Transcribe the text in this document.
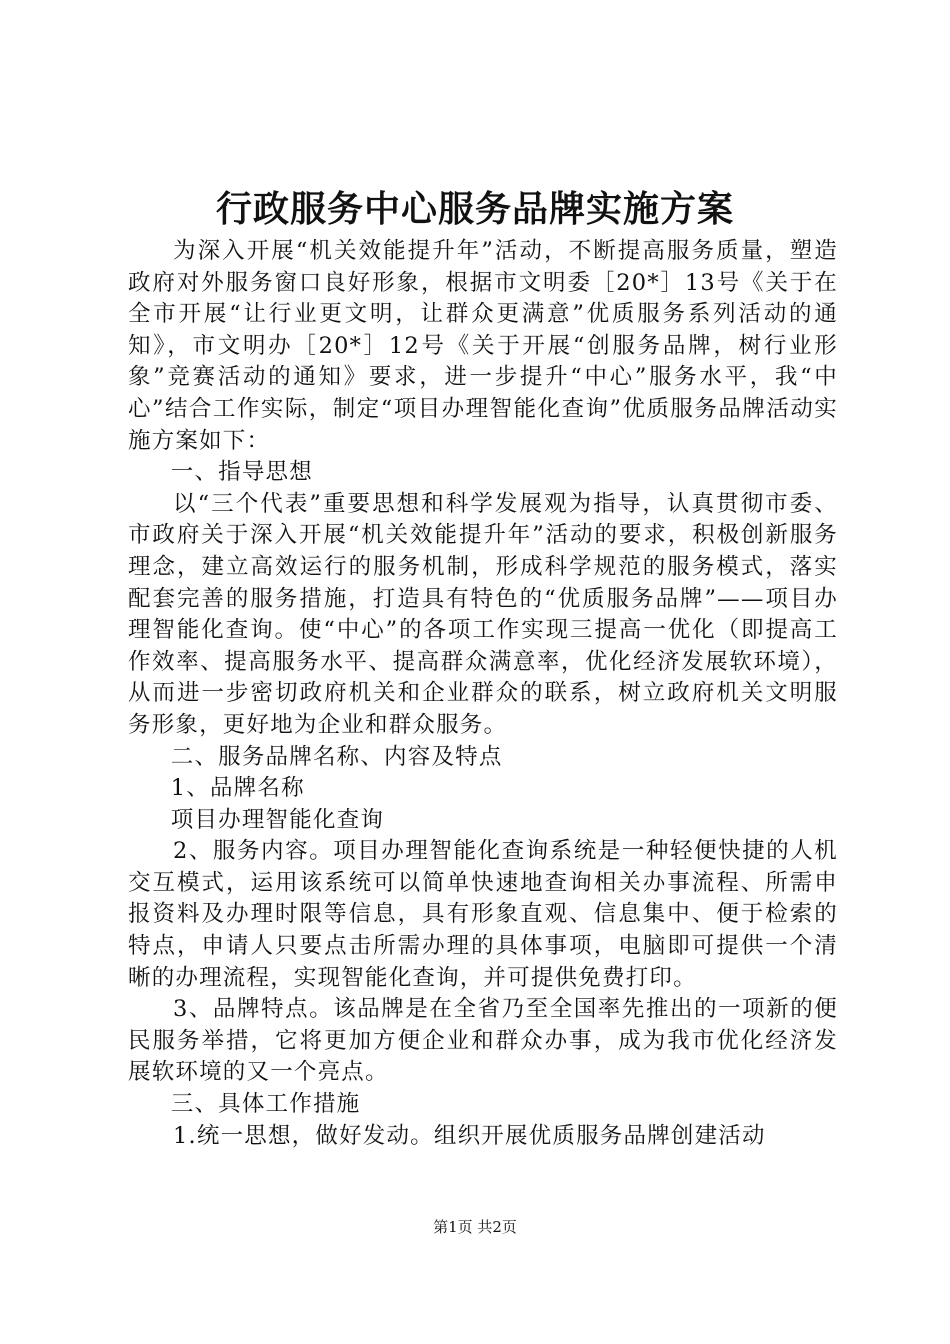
行政服务中心服务品牌实施方案

为深入开展“机关效能提升年”活动，不断提高服务质量，塑造政府对外服务窗口良好形象，根据市文明委［20*］13号《关于在全市开展“让行业更文明，让群众更满意”优质服务系列活动的通知》，市文明办［20*］12号《关于开展“创服务品牌，树行业形象”竞赛活动的通知》要求，进一步提升“中心”服务水平，我“中心”结合工作实际，制定“项目办理智能化查询”优质服务品牌活动实施方案如下：

一、指导思想

以“三个代表”重要思想和科学发展观为指导，认真贯彻市委、市政府关于深入开展“机关效能提升年”活动的要求，积极创新服务理念，建立高效运行的服务机制，形成科学规范的服务模式，落实配套完善的服务措施，打造具有特色的“优质服务品牌”——项目办理智能化查询。使“中心”的各项工作实现三提高一优化（即提高工作效率、提高服务水平、提高群众满意率，优化经济发展软环境），从而进一步密切政府机关和企业群众的联系，树立政府机关文明服务形象，更好地为企业和群众服务。

二、服务品牌名称、内容及特点

1、品牌名称

项目办理智能化查询

2、服务内容。项目办理智能化查询系统是一种轻便快捷的人机交互模式，运用该系统可以简单快速地查询相关办事流程、所需申报资料及办理时限等信息，具有形象直观、信息集中、便于检索的特点，申请人只要点击所需办理的具体事项，电脑即可提供一个清晰的办理流程，实现智能化查询，并可提供免费打印。

3、品牌特点。该品牌是在全省乃至全国率先推出的一项新的便民服务举措，它将更加方便企业和群众办事，成为我市优化经济发展软环境的又一个亮点。

三、具体工作措施

1.统一思想，做好发动。组织开展优质服务品牌创建活动

第1页 共2页
